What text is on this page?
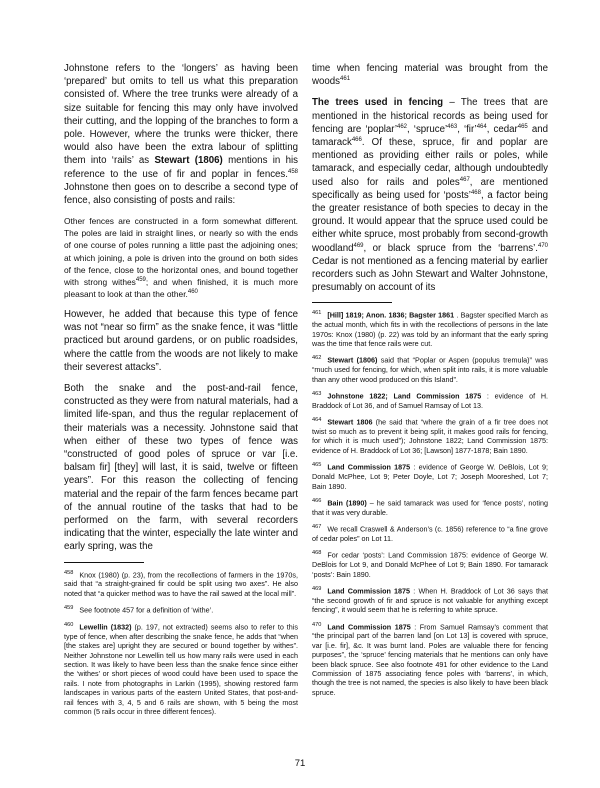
Johnstone refers to the ‘longers’ as having been ‘prepared’ but omits to tell us what this preparation consisted of. Where the tree trunks were already of a size suitable for fencing this may only have involved their cutting, and the lopping of the branches to form a pole. However, where the trunks were thicker, there would also have been the extra labour of splitting them into ‘rails’ as Stewart (1806) mentions in his reference to the use of fir and poplar in fences.$^{458}$ Johnstone then goes on to describe a second type of fence, also consisting of posts and rails:

Other fences are constructed in a form somewhat different. The poles are laid in straight lines, or nearly so with the ends of one course of poles running a little past the adjoining ones; at which joining, a pole is driven into the ground on both sides of the fence, close to the horizontal ones, and bound together with strong withes$^{459}$; and when finished, it is much more pleasant to look at than the other.$^{460}$

However, he added that because this type of fence was not “near so firm” as the snake fence, it was “little practiced but around gardens, or on public roadsides, where the cattle from the woods are not likely to make their severest attacks”.

Both the snake and the post-and-rail fence, constructed as they were from natural materials, had a limited life-span, and thus the regular replacement of their materials was a necessity. Johnstone said that when either of these two types of fence was “constructed of good poles of spruce or var [i.e. balsam fir] [they] will last, it is said, twelve or fifteen years”. For this reason the collecting of fencing material and the repair of the farm fences became part of the annual routine of the tasks that had to be performed on the farm, with several recorders indicating that the winter, especially the late winter and early spring, was the

$^{458}$ Knox (1980) (p. 23), from the recollections of farmers in the 1970s, said that “a straight-grained fir could be split using two axes”. He also noted that “a quicker method was to have the rail sawed at the local mill”.

$^{459}$ See footnote 457 for a definition of ‘withe’.

$^{460}$ Lewellin (1832) (p. 197, not extracted) seems also to refer to this type of fence, when after describing the snake fence, he adds that “when [the stakes are] upright they are secured or bound together by withes”. Neither Johnstone nor Lewellin tell us how many rails were used in each section. It was likely to have been less than the snake fence since either the ‘withes’ or short pieces of wood could have been used to space the rails. I note from photographs in Larkin (1995), showing restored farm landscapes in various parts of the eastern United States, that post-and-rail fences with 3, 4, 5 and 6 rails are shown, with 5 being the most common (5 rails occur in three different fences).

time when fencing material was brought from the woods$^{461}$

The trees used in fencing – The trees that are mentioned in the historical records as being used for fencing are ‘poplar’$^{462}$, ‘spruce’$^{463}$, ‘fir’$^{464}$, cedar$^{465}$ and tamarack$^{466}$. Of these, spruce, fir and poplar are mentioned as providing either rails or poles, while tamarack, and especially cedar, although undoubtedly used also for rails and poles$^{467}$, are mentioned specifically as being used for ‘posts’$^{468}$, a factor being the greater resistance of both species to decay in the ground. It would appear that the spruce used could be either white spruce, most probably from second-growth woodland$^{469}$, or black spruce from the ‘barrens’.$^{470}$ Cedar is not mentioned as a fencing material by earlier recorders such as John Stewart and Walter Johnstone, presumably on account of its

$^{461}$ [Hill] 1819; Anon. 1836; Bagster 1861 . Bagster specified March as the actual month, which fits in with the recollections of persons in the late 1970s: Knox (1980) (p. 22) was told by an informant that the early spring was the time that fence rails were cut.

$^{462}$ Stewart (1806) said that “Poplar or Aspen (populus tremula)” was “much used for fencing, for which, when split into rails, it is more valuable than any other wood produced on this Island”.

$^{463}$ Johnstone 1822; Land Commission 1875 : evidence of H. Braddock of Lot 36, and of Samuel Ramsay of Lot 13.

$^{464}$ Stewart 1806 (he said that “where the grain of a fir tree does not twist so much as to prevent it being split, it makes good rails for fencing, for which it is much used”); Johnstone 1822; Land Commission 1875: evidence of H. Braddock of Lot 36; [Lawson] 1877-1878; Bain 1890.

$^{465}$ Land Commission 1875 : evidence of George W. DeBlois, Lot 9; Donald McPhee, Lot 9; Peter Doyle, Lot 7; Joseph Mooreshed, Lot 7; Bain 1890.

$^{466}$ Bain (1890) – he said tamarack was used for ‘fence posts’, noting that it was very durable.

$^{467}$ We recall Craswell & Anderson’s (c. 1856) reference to “a fine grove of cedar poles” on Lot 11.

$^{468}$ For cedar ‘posts’: Land Commission 1875: evidence of George W. DeBlois for Lot 9, and Donald McPhee of Lot 9; Bain 1890. For tamarack ‘posts’: Bain 1890.

$^{469}$ Land Commission 1875 : When H. Braddock of Lot 36 says that “the second growth of fir and spruce is not valuable for anything except fencing”, it would seem that he is referring to white spruce.

$^{470}$ Land Commission 1875 : From Samuel Ramsay’s comment that “the principal part of the barren land [on Lot 13] is covered with spruce, var [i.e. fir], &c. It was burnt land. Poles are valuable there for fencing purposes”, the ‘spruce’ fencing materials that he mentions can only have been black spruce. See also footnote 491 for other evidence to the Land Commission of 1875 associating fence poles with ‘barrens’, in which, though the tree is not named, the species is also likely to have been black spruce.

71
